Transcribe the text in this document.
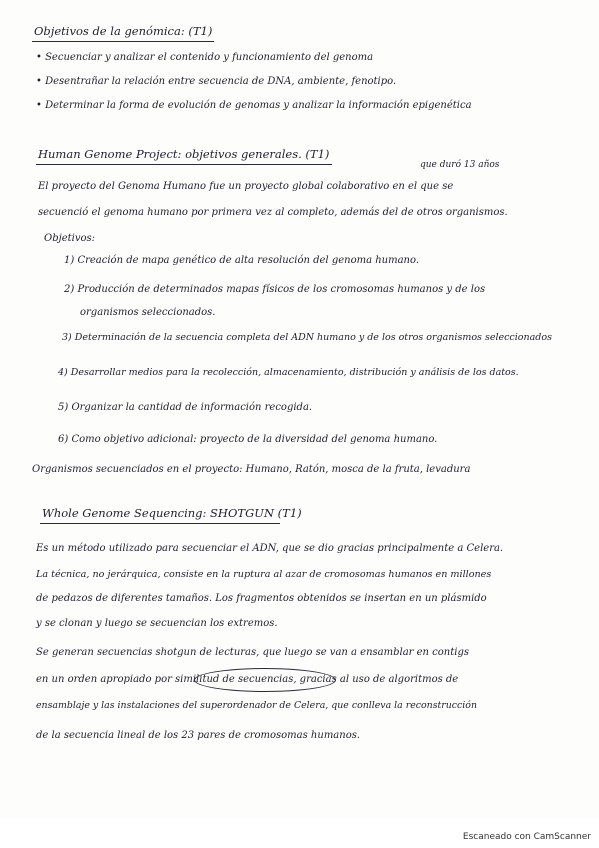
Objetivos de la genómica: (T1)
• Secuenciar y analizar el contenido y funcionamiento del genoma
• Desentrañar la relación entre secuencia de DNA, ambiente, fenotipo.
• Determinar la forma de evolución de genomas y analizar la información epigenética
Human Genome Project: objetivos generales. (T1)
que duró 13 años
El proyecto del Genoma Humano fue un proyecto global colaborativo en el que se
secuenció el genoma humano por primera vez al completo, además del de otros organismos.
Objetivos:
1) Creación de mapa genético de alta resolución del genoma humano.
2) Producción de determinados mapas físicos de los cromosomas humanos y de los
organismos seleccionados.
3) Determinación de la secuencia completa del ADN humano y de los otros organismos seleccionados
4) Desarrollar medios para la recolección, almacenamiento, distribución y análisis de los datos.
5) Organizar la cantidad de información recogida.
6) Como objetivo adicional: proyecto de la diversidad del genoma humano.
Organismos secuenciados en el proyecto: Humano, Ratón, mosca de la fruta, levadura
Whole Genome Sequencing: SHOTGUN (T1)
Es un método utilizado para secuenciar el ADN, que se dio gracias principalmente a Celera.
La técnica, no jerárquica, consiste en la ruptura al azar de cromosomas humanos en millones
de pedazos de diferentes tamaños. Los fragmentos obtenidos se insertan en un plásmido
y se clonan y luego se secuencian los extremos.
Se generan secuencias shotgun de lecturas, que luego se van a ensamblar en contigs
en un orden apropiado por similitud de secuencias, gracias al uso de algoritmos de
ensamblaje y las instalaciones del superordenador de Celera, que conlleva la reconstrucción
de la secuencia lineal de los 23 pares de cromosomas humanos.
Escaneado con CamScanner
